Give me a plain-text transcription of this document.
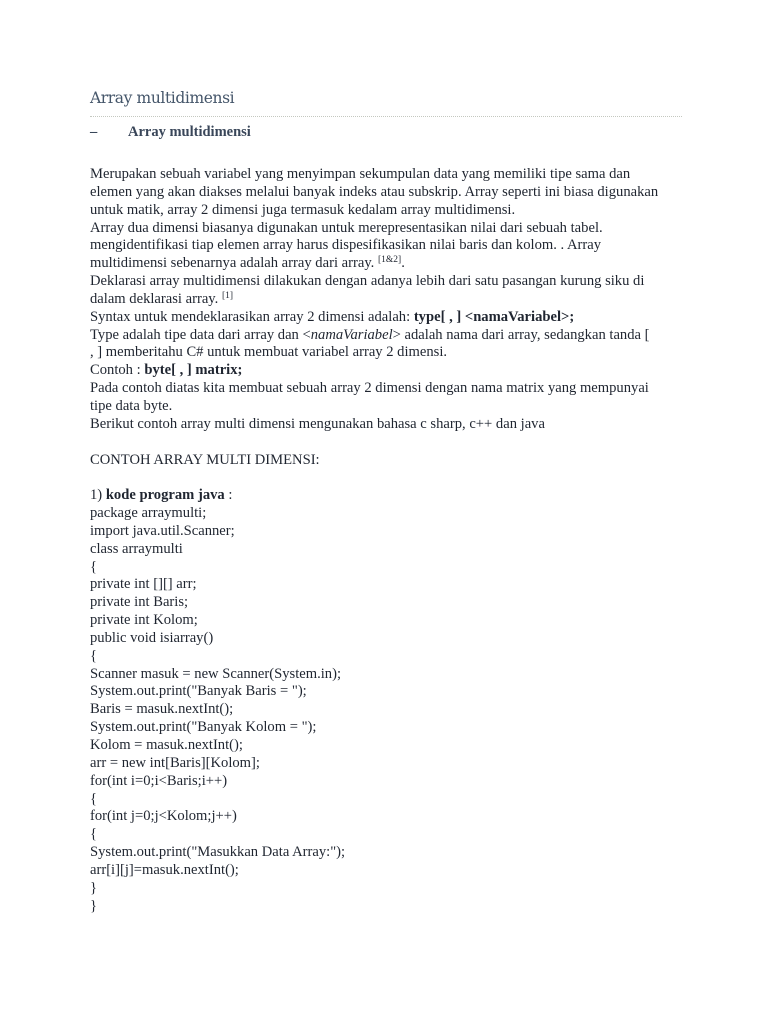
Array multidimensi
– Array multidimensi
Merupakan sebuah variabel yang menyimpan sekumpulan data yang memiliki tipe sama dan
elemen yang akan diakses melalui banyak indeks atau subskrip. Array seperti ini biasa digunakan
untuk matik, array 2 dimensi juga termasuk kedalam array multidimensi.
Array dua dimensi biasanya digunakan untuk merepresentasikan nilai dari sebuah tabel.
mengidentifikasi tiap elemen array harus dispesifikasikan nilai baris dan kolom. . Array
multidimensi sebenarnya adalah array dari array. [1&2].
Deklarasi array multidimensi dilakukan dengan adanya lebih dari satu pasangan kurung siku di
dalam deklarasi array. [1]
Syntax untuk mendeklarasikan array 2 dimensi adalah: type[ , ] <namaVariabel>;
Type adalah tipe data dari array dan <namaVariabel> adalah nama dari array, sedangkan tanda [
, ] memberitahu C# untuk membuat variabel array 2 dimensi.
Contoh : byte[ , ] matrix;
Pada contoh diatas kita membuat sebuah array 2 dimensi dengan nama matrix yang mempunyai
tipe data byte.
Berikut contoh array multi dimensi mengunakan bahasa c sharp, c++ dan java
CONTOH ARRAY MULTI DIMENSI:
1) kode program java :
package arraymulti;
import java.util.Scanner;
class arraymulti
{
private int [][] arr;
private int Baris;
private int Kolom;
public void isiarray()
{
Scanner masuk = new Scanner(System.in);
System.out.print("Banyak Baris = ");
Baris = masuk.nextInt();
System.out.print("Banyak Kolom = ");
Kolom = masuk.nextInt();
arr = new int[Baris][Kolom];
for(int i=0;i<Baris;i++)
{
for(int j=0;j<Kolom;j++)
{
System.out.print("Masukkan Data Array:");
arr[i][j]=masuk.nextInt();
}
}
